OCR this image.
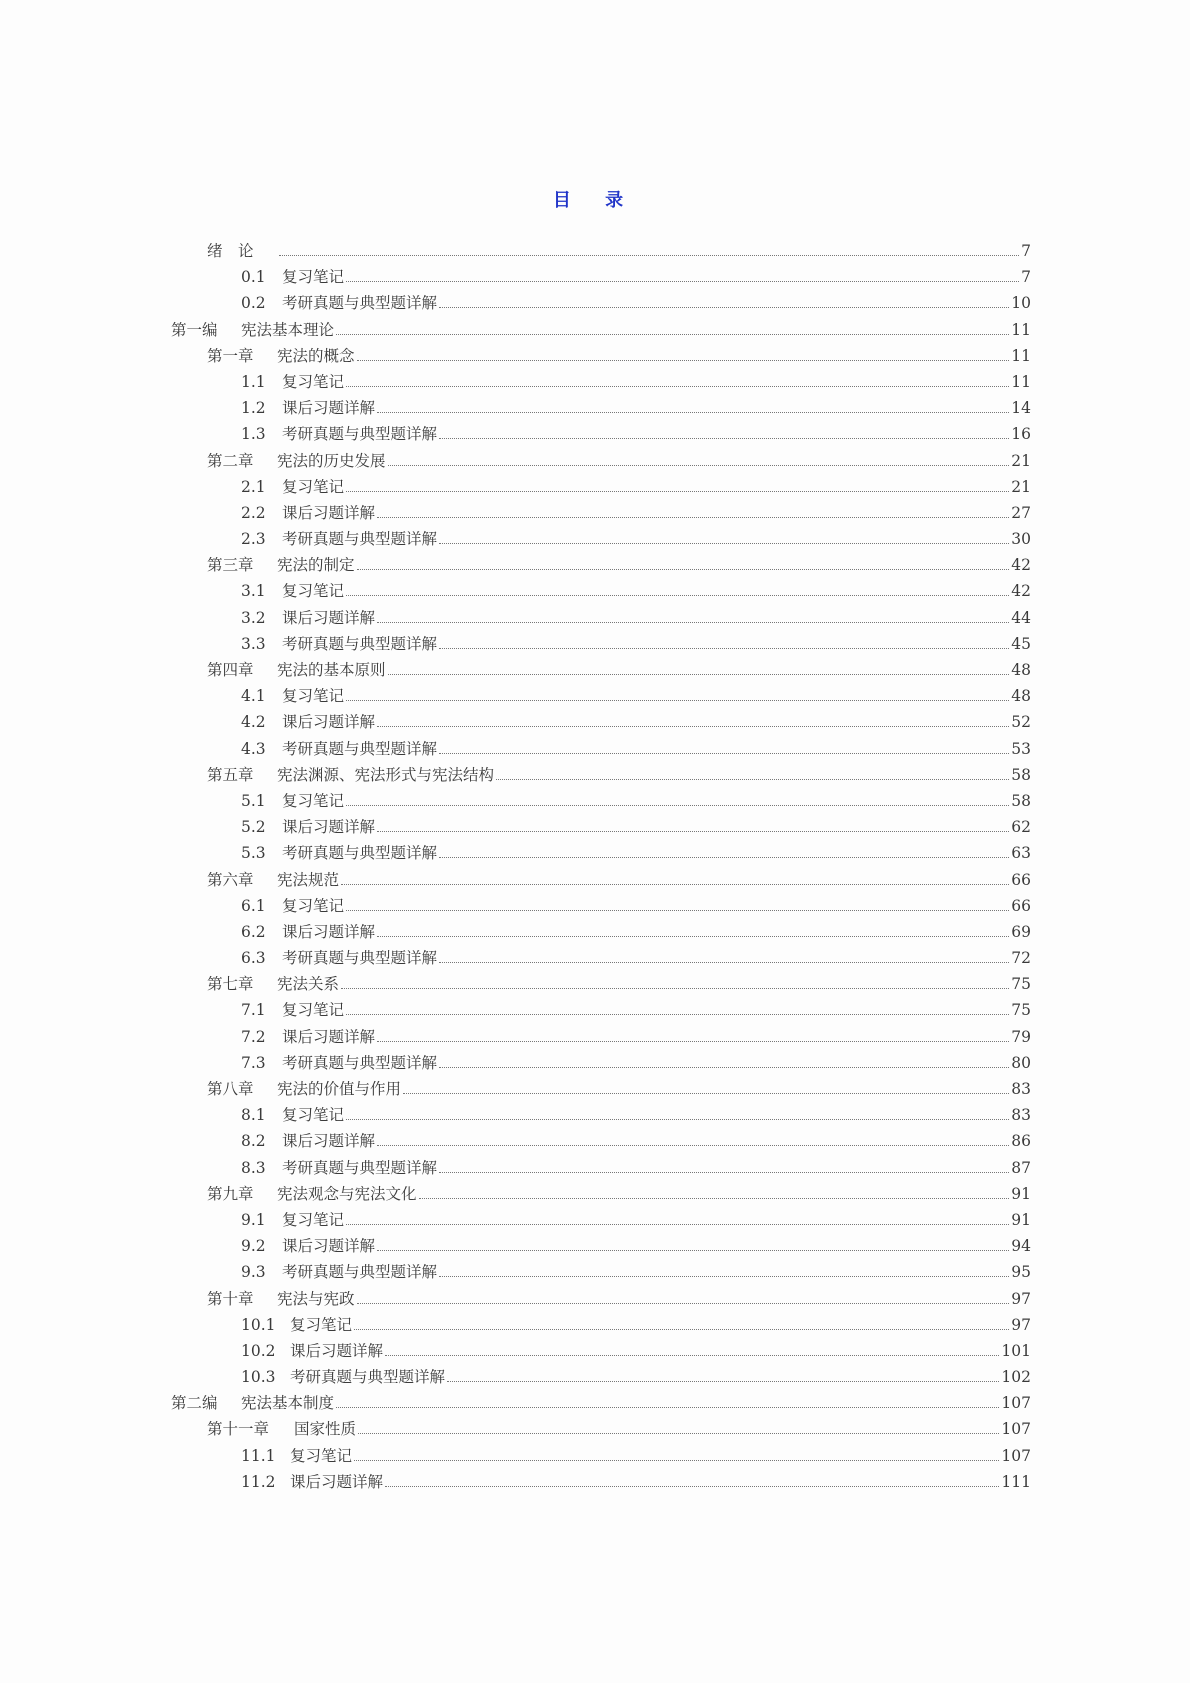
目 录
绪　论	7
0.1	复习笔记	7
0.2	考研真题与典型题详解	10
第一编	宪法基本理论	11
第一章	宪法的概念	11
1.1	复习笔记	11
1.2	课后习题详解	14
1.3	考研真题与典型题详解	16
第二章	宪法的历史发展	21
2.1	复习笔记	21
2.2	课后习题详解	27
2.3	考研真题与典型题详解	30
第三章	宪法的制定	42
3.1	复习笔记	42
3.2	课后习题详解	44
3.3	考研真题与典型题详解	45
第四章	宪法的基本原则	48
4.1	复习笔记	48
4.2	课后习题详解	52
4.3	考研真题与典型题详解	53
第五章	宪法渊源、宪法形式与宪法结构	58
5.1	复习笔记	58
5.2	课后习题详解	62
5.3	考研真题与典型题详解	63
第六章	宪法规范	66
6.1	复习笔记	66
6.2	课后习题详解	69
6.3	考研真题与典型题详解	72
第七章	宪法关系	75
7.1	复习笔记	75
7.2	课后习题详解	79
7.3	考研真题与典型题详解	80
第八章	宪法的价值与作用	83
8.1	复习笔记	83
8.2	课后习题详解	86
8.3	考研真题与典型题详解	87
第九章	宪法观念与宪法文化	91
9.1	复习笔记	91
9.2	课后习题详解	94
9.3	考研真题与典型题详解	95
第十章	宪法与宪政	97
10.1 复习笔记	97
10.2 课后习题详解	101
10.3 考研真题与典型题详解	102
第二编	宪法基本制度	107
第十一章	国家性质	107
11.1 复习笔记	107
11.2 课后习题详解	111
